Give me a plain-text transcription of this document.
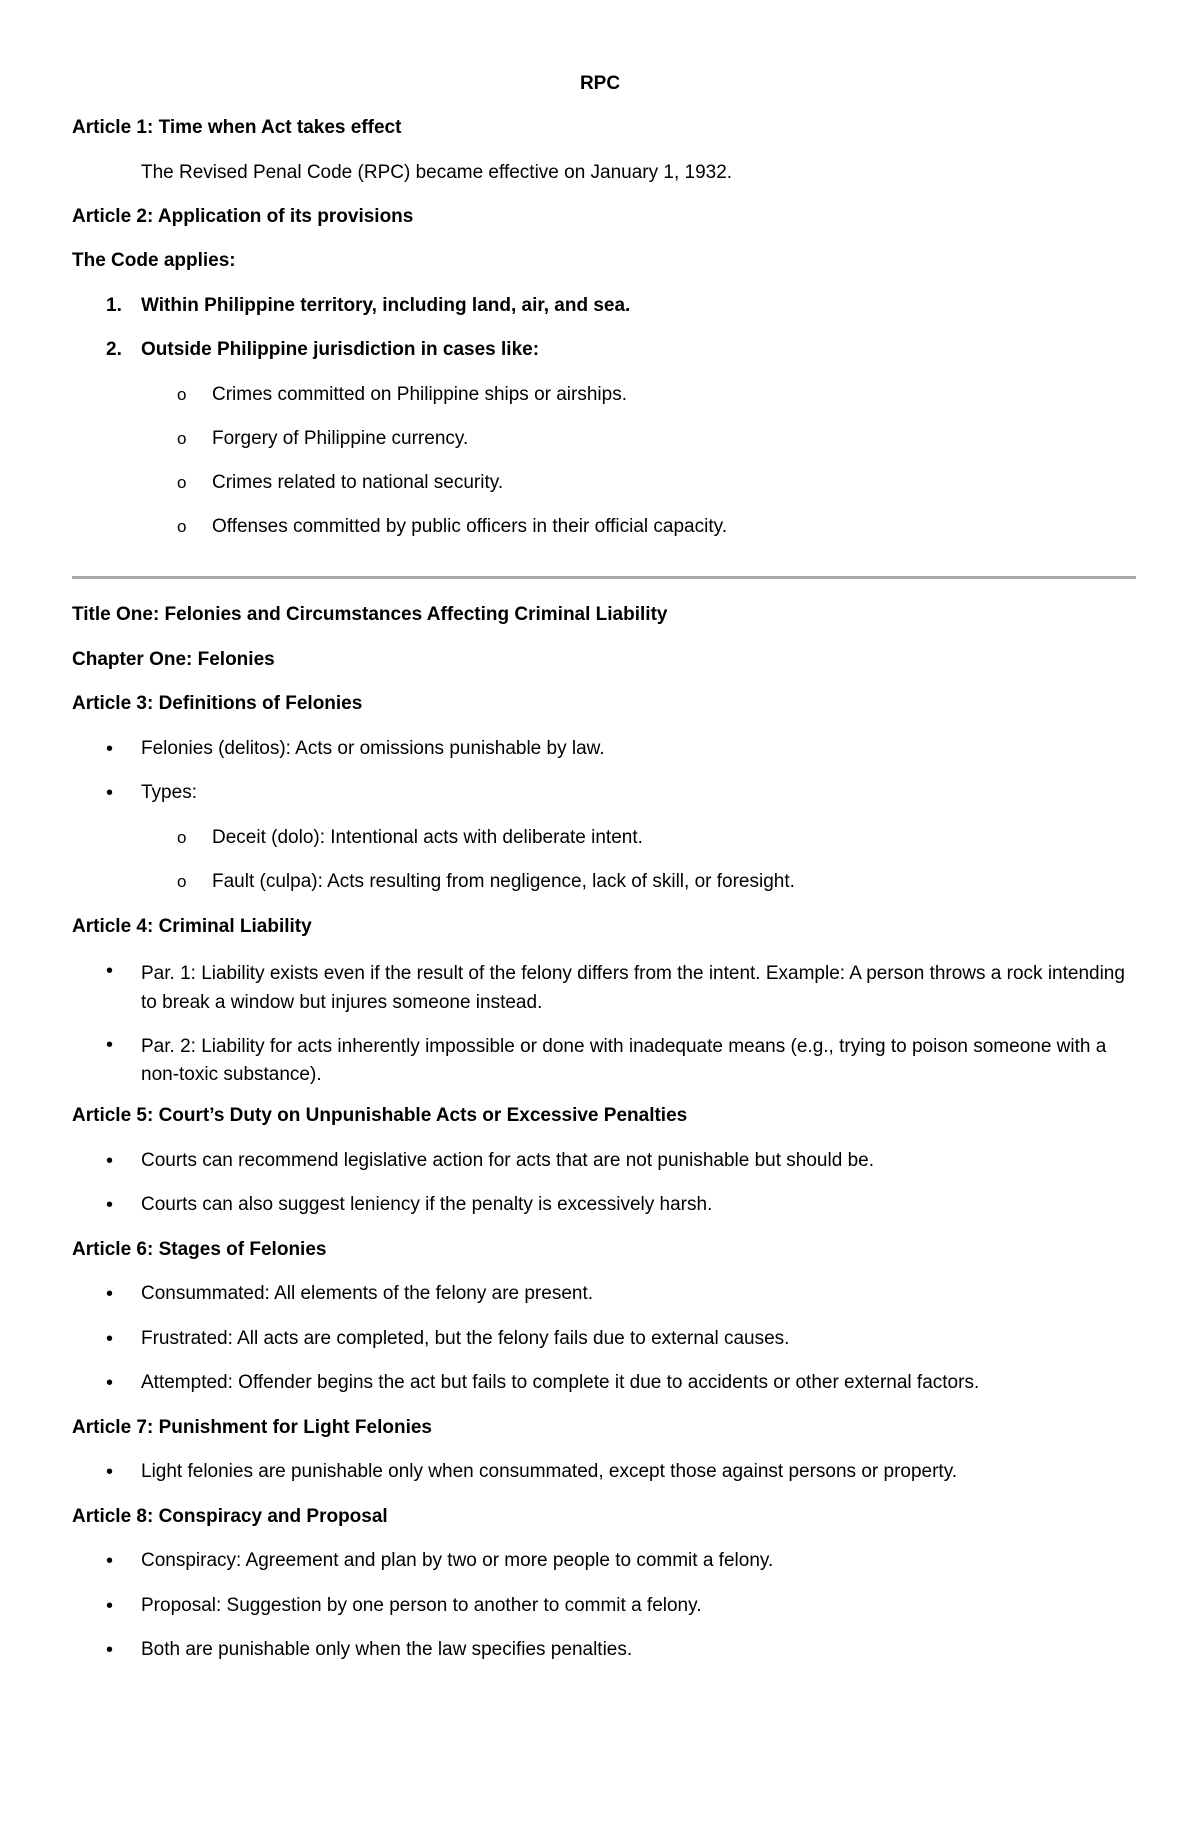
RPC
Article 1: Time when Act takes effect
The Revised Penal Code (RPC) became effective on January 1, 1932.
Article 2: Application of its provisions
The Code applies:
1. Within Philippine territory, including land, air, and sea.
2. Outside Philippine jurisdiction in cases like:
o Crimes committed on Philippine ships or airships.
o Forgery of Philippine currency.
o Crimes related to national security.
o Offenses committed by public officers in their official capacity.
Title One: Felonies and Circumstances Affecting Criminal Liability
Chapter One: Felonies
Article 3: Definitions of Felonies
• Felonies (delitos): Acts or omissions punishable by law.
• Types:
o Deceit (dolo): Intentional acts with deliberate intent.
o Fault (culpa): Acts resulting from negligence, lack of skill, or foresight.
Article 4: Criminal Liability
• Par. 1: Liability exists even if the result of the felony differs from the intent. Example: A person throws a rock intending to break a window but injures someone instead.
• Par. 2: Liability for acts inherently impossible or done with inadequate means (e.g., trying to poison someone with a non-toxic substance).
Article 5: Court’s Duty on Unpunishable Acts or Excessive Penalties
• Courts can recommend legislative action for acts that are not punishable but should be.
• Courts can also suggest leniency if the penalty is excessively harsh.
Article 6: Stages of Felonies
• Consummated: All elements of the felony are present.
• Frustrated: All acts are completed, but the felony fails due to external causes.
• Attempted: Offender begins the act but fails to complete it due to accidents or other external factors.
Article 7: Punishment for Light Felonies
• Light felonies are punishable only when consummated, except those against persons or property.
Article 8: Conspiracy and Proposal
• Conspiracy: Agreement and plan by two or more people to commit a felony.
• Proposal: Suggestion by one person to another to commit a felony.
• Both are punishable only when the law specifies penalties.
